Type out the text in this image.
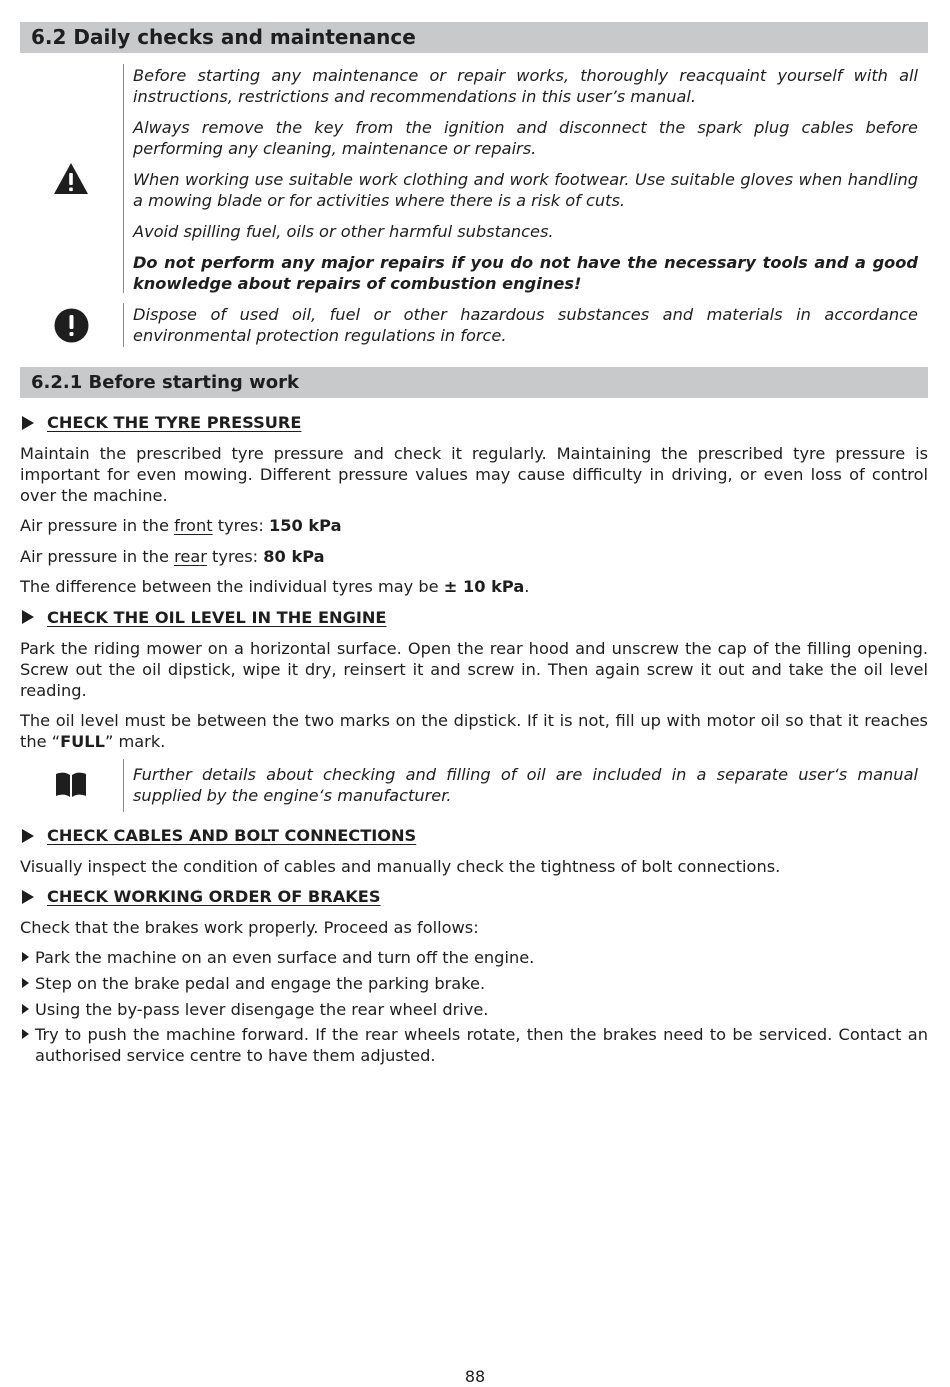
6.2 Daily checks and maintenance

Before starting any maintenance or repair works, thoroughly reacquaint yourself with all instructions, restrictions and recommendations in this user’s manual.

Always remove the key from the ignition and disconnect the spark plug cables before performing any cleaning, maintenance or repairs.

When working use suitable work clothing and work footwear. Use suitable gloves when handling a mowing blade or for activities where there is a risk of cuts.

Avoid spilling fuel, oils or other harmful substances.

Do not perform any major repairs if you do not have the necessary tools and a good knowledge about repairs of combustion engines!

Dispose of used oil, fuel or other hazardous substances and materials in accordance environmental protection regulations in force.

6.2.1 Before starting work
CHECK THE TYRE PRESSURE

Maintain the prescribed tyre pressure and check it regularly. Maintaining the prescribed tyre pressure is important for even mowing. Different pressure values may cause difficulty in driving, or even loss of control over the machine.

Air pressure in the front tyres: 150 kPa

Air pressure in the rear tyres: 80 kPa

The difference between the individual tyres may be ± 10 kPa.

CHECK THE OIL LEVEL IN THE ENGINE

Park the riding mower on a horizontal surface. Open the rear hood and unscrew the cap of the filling opening. Screw out the oil dipstick, wipe it dry, reinsert it and screw in. Then again screw it out and take the oil level reading.

The oil level must be between the two marks on the dipstick. If it is not, fill up with motor oil so that it reaches the “FULL” mark.

Further details about checking and filling of oil are included in a separate user‘s manual supplied by the engine‘s manufacturer.

CHECK CABLES AND BOLT CONNECTIONS

Visually inspect the condition of cables and manually check the tightness of bolt connections.

CHECK WORKING ORDER OF BRAKES

Check that the brakes work properly. Proceed as follows:

Park the machine on an even surface and turn off the engine.
Step on the brake pedal and engage the parking brake.
Using the by-pass lever disengage the rear wheel drive.
Try to push the machine forward. If the rear wheels rotate, then the brakes need to be serviced. Contact an authorised service centre to have them adjusted.
88
